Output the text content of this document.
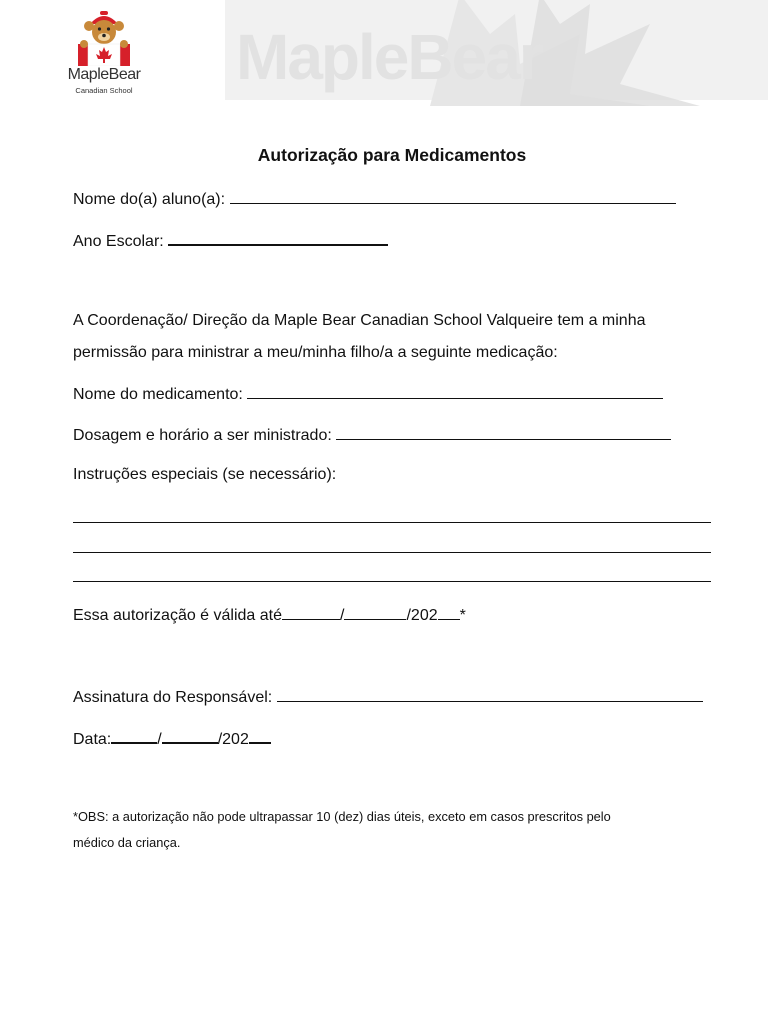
MapleBear
MapleBear
Canadian School
Autorização para Medicamentos
Nome do(a) aluno(a):
Ano Escolar:
A Coordenação/ Direção da Maple Bear Canadian School Valqueire tem a minha
permissão para ministrar a meu/minha filho/a a seguinte medicação:
Nome do medicamento:
Dosagem e horário a ser ministrado:
Instruções especiais (se necessário):
Essa autorização é válida até	/	/202 *
Assinatura do Responsável:
Data:	/	/202
*OBS: a autorização não pode ultrapassar 10 (dez) dias úteis, exceto em casos prescritos pelo
médico da criança.
